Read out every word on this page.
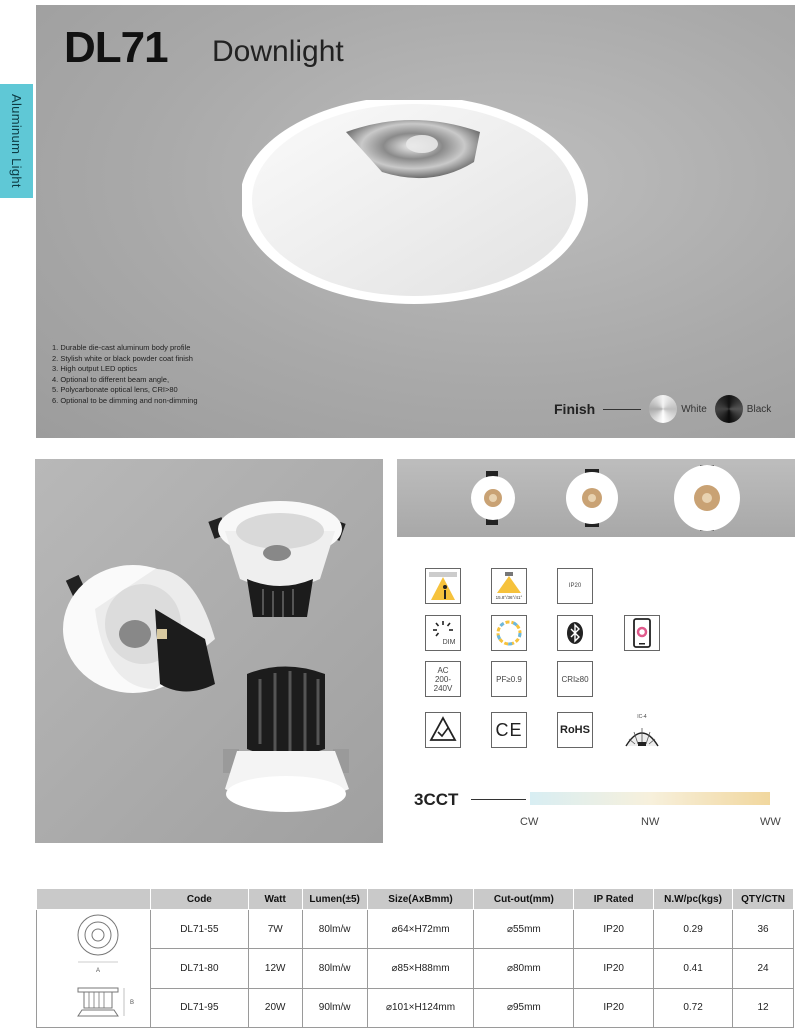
Aluminum Light
DL71 Downlight
1. Durable die-cast aluminum body profile
2. Stylish white or black powder coat finish
3. High output LED optics
4. Optional to different beam angle,
5. Polycarbonate optical lens, CRI>80
6. Optional to be dimming and non-dimming
Finish	White	Black
15.8°/36°/41°
IP20
DIM
AC
200-240V
PF≥0.9	CRI≥80
CE	RoHS
IC-4
3CCT
CW	NW	WW
	Code	Watt	Lumen(±5)	Size(AxBmm)	Cut-out(mm)	IP Rated	N.W/pc(kgs)	QTY/CTN

A
B	DL71-55	7W	80lm/w	⌀64×H72mm	⌀55mm	IP20	0.29	36
	DL71-80	12W	80lm/w	⌀85×H88mm	⌀80mm	IP20	0.41	24
	DL71-95	20W	90lm/w	⌀101×H124mm	⌀95mm	IP20	0.72	12
